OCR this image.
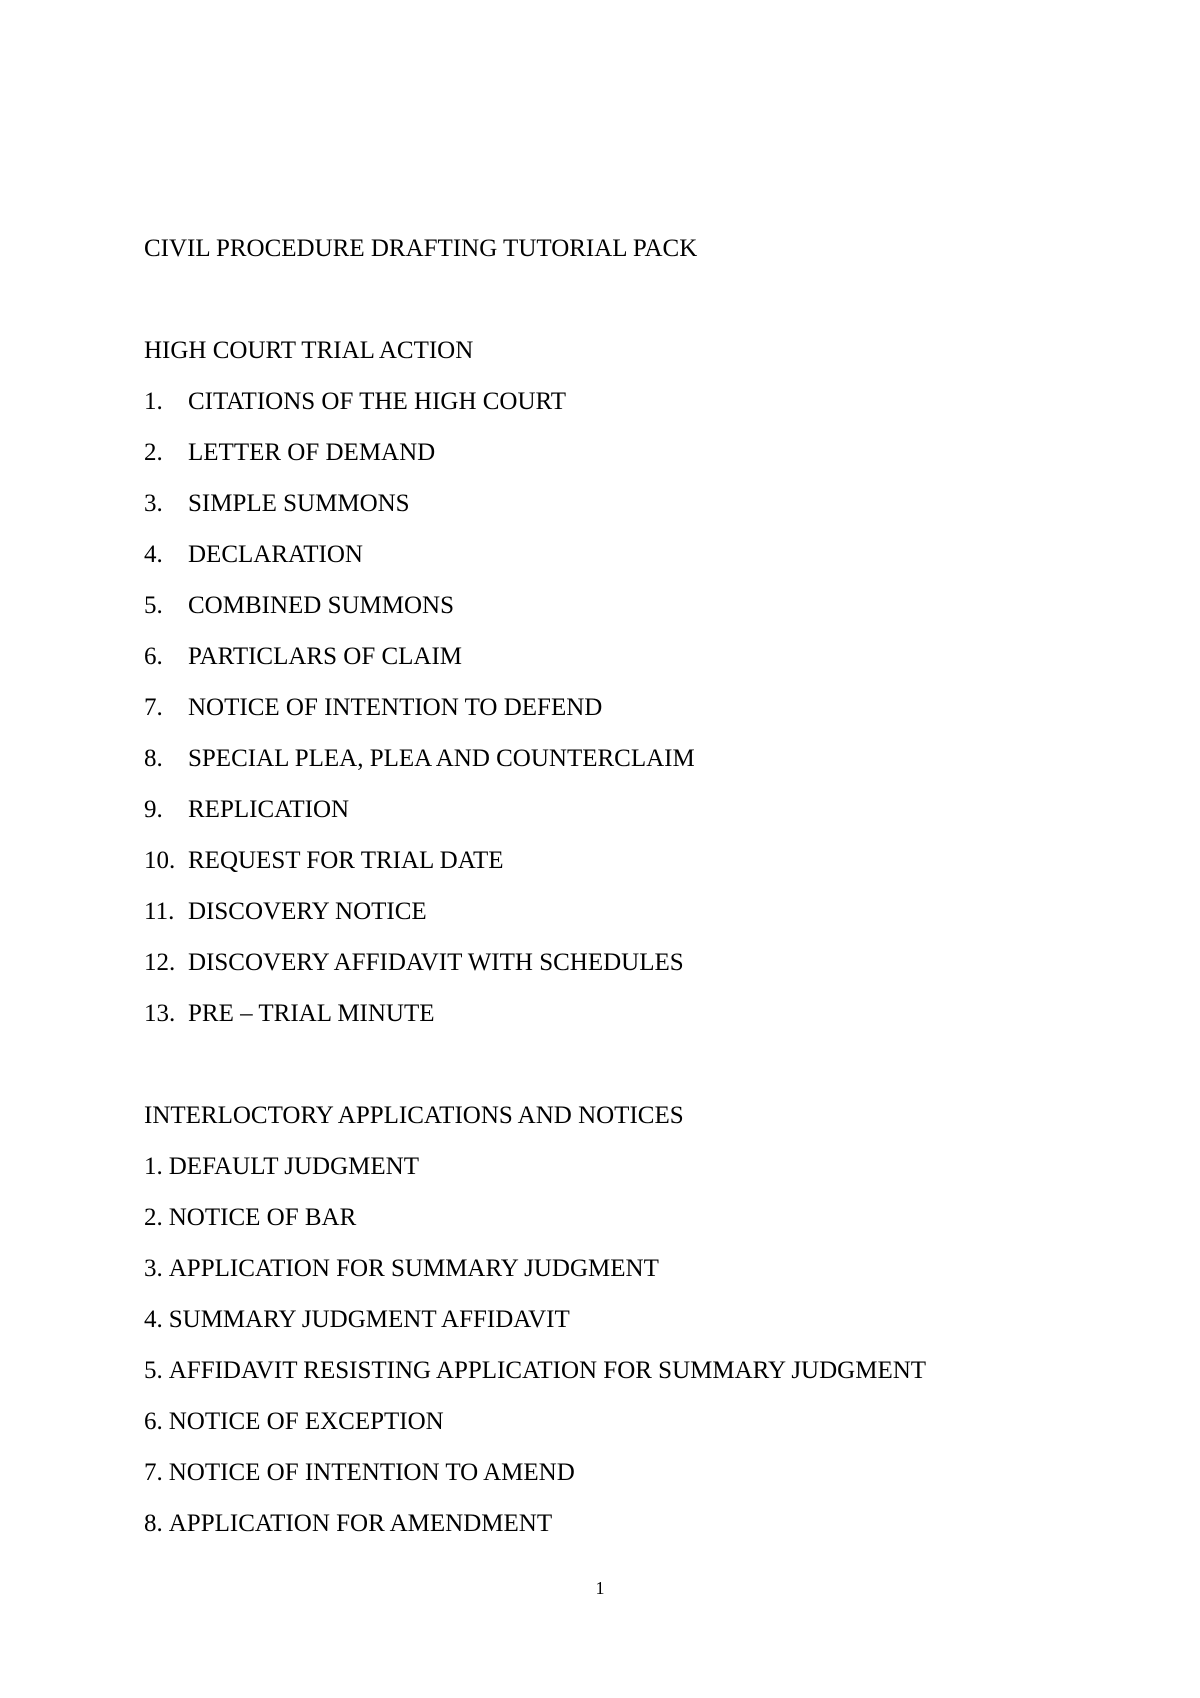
CIVIL PROCEDURE DRAFTING TUTORIAL PACK
HIGH COURT TRIAL ACTION
1. CITATIONS OF THE HIGH COURT
2. LETTER OF DEMAND
3. SIMPLE SUMMONS
4. DECLARATION
5. COMBINED SUMMONS
6. PARTICLARS OF CLAIM
7. NOTICE OF INTENTION TO DEFEND
8. SPECIAL PLEA, PLEA AND COUNTERCLAIM
9. REPLICATION
10. REQUEST FOR TRIAL DATE
11. DISCOVERY NOTICE
12. DISCOVERY AFFIDAVIT WITH SCHEDULES
13. PRE – TRIAL MINUTE
INTERLOCTORY APPLICATIONS AND NOTICES
1. DEFAULT JUDGMENT
2. NOTICE OF BAR
3. APPLICATION FOR SUMMARY JUDGMENT
4. SUMMARY JUDGMENT AFFIDAVIT
5. AFFIDAVIT RESISTING APPLICATION FOR SUMMARY JUDGMENT
6. NOTICE OF EXCEPTION
7. NOTICE OF INTENTION TO AMEND
8. APPLICATION FOR AMENDMENT
1
